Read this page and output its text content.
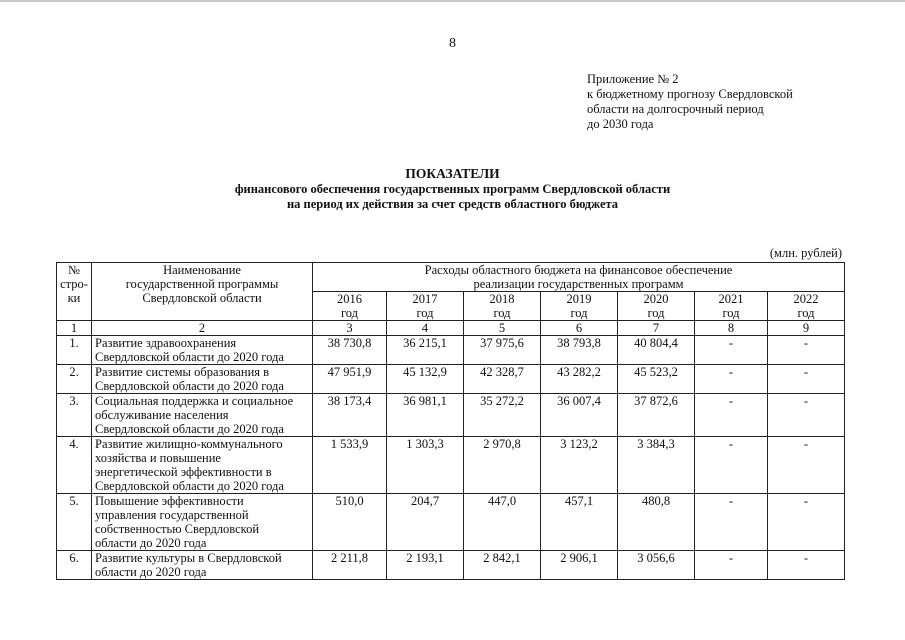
8
Приложение № 2
к бюджетному прогнозу Свердловской
области на долгосрочный период
до 2030 года
ПОКАЗАТЕЛИ
финансового обеспечения государственных программ Свердловской области
на период их действия за счет средств областного бюджета
(млн. рублей)
№
стро-
ки	Наименование
государственной программы
Свердловской области	Расходы областного бюджета на финансовое обеспечение
реализации государственных программ						
		2016
год	2017
год	2018
год	2019
год	2020
год	2021
год	2022
год
1	2	3	4	5	6	7	8	9
1.	Развитие здравоохранения
Свердловской области до 2020 года	38 730,8	36 215,1	37 975,6	38 793,8	40 804,4	-	-
2.	Развитие системы образования в
Свердловской области до 2020 года	47 951,9	45 132,9	42 328,7	43 282,2	45 523,2	-	-
3.	Социальная поддержка и социальное
обслуживание населения
Свердловской области до 2020 года	38 173,4	36 981,1	35 272,2	36 007,4	37 872,6	-	-
4.	Развитие жилищно-коммунального
хозяйства и повышение
энергетической эффективности в
Свердловской области до 2020 года	1 533,9	1 303,3	2 970,8	3 123,2	3 384,3	-	-
5.	Повышение эффективности
управления государственной
собственностью Свердловской
области до 2020 года	510,0	204,7	447,0	457,1	480,8	-	-
6.	Развитие культуры в Свердловской
области до 2020 года	2 211,8	2 193,1	2 842,1	2 906,1	3 056,6	-	-
